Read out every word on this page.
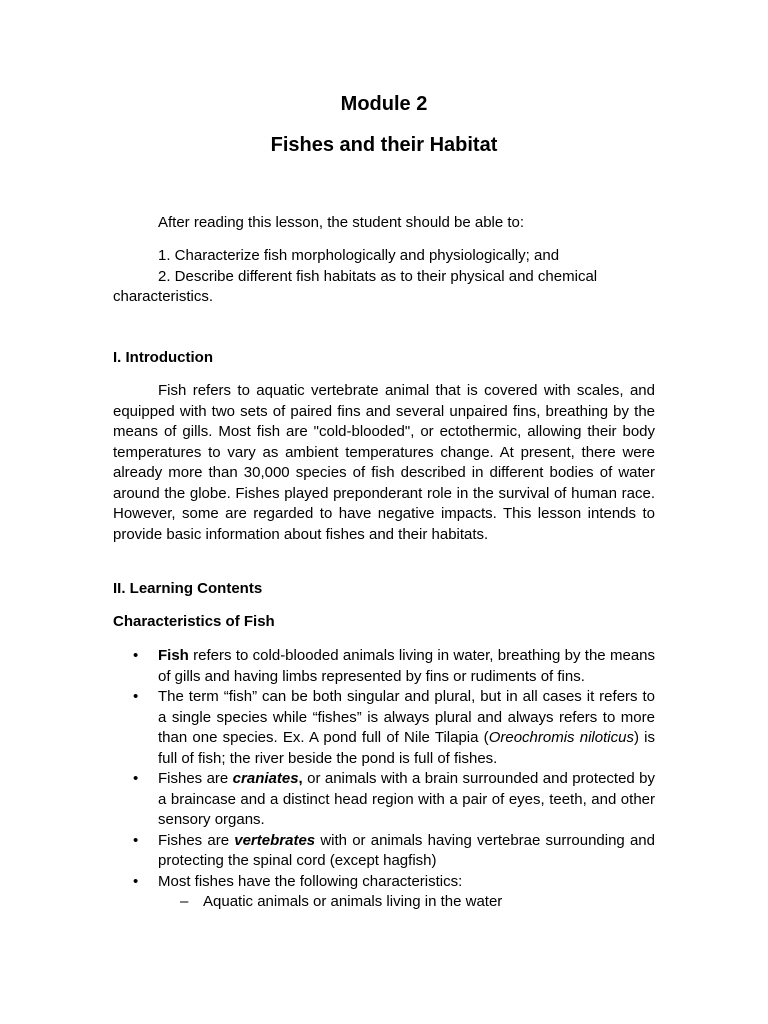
Module 2
Fishes and their Habitat
After reading this lesson, the student should be able to:
1. Characterize fish morphologically and physiologically; and
2. Describe different fish habitats as to their physical and chemical
characteristics.
I. Introduction
Fish refers to aquatic vertebrate animal that is covered with scales, and equipped with two sets of paired fins and several unpaired fins, breathing by the means of gills. Most fish are "cold-blooded", or ectothermic, allowing their body temperatures to vary as ambient temperatures change. At present, there were already more than 30,000 species of fish described in different bodies of water around the globe. Fishes played preponderant role in the survival of human race. However, some are regarded to have negative impacts. This lesson intends to provide basic information about fishes and their habitats.
II. Learning Contents
Characteristics of Fish
• Fish refers to cold-blooded animals living in water, breathing by the means of gills and having limbs represented by fins or rudiments of fins.
• The term “fish” can be both singular and plural, but in all cases it refers to a single species while “fishes” is always plural and always refers to more than one species. Ex. A pond full of Nile Tilapia (Oreochromis niloticus) is full of fish; the river beside the pond is full of fishes.
• Fishes are craniates, or animals with a brain surrounded and protected by a braincase and a distinct head region with a pair of eyes, teeth, and other sensory organs.
• Fishes are vertebrates with or animals having vertebrae surrounding and protecting the spinal cord (except hagfish)
• Most fishes have the following characteristics:
– Aquatic animals or animals living in the water
